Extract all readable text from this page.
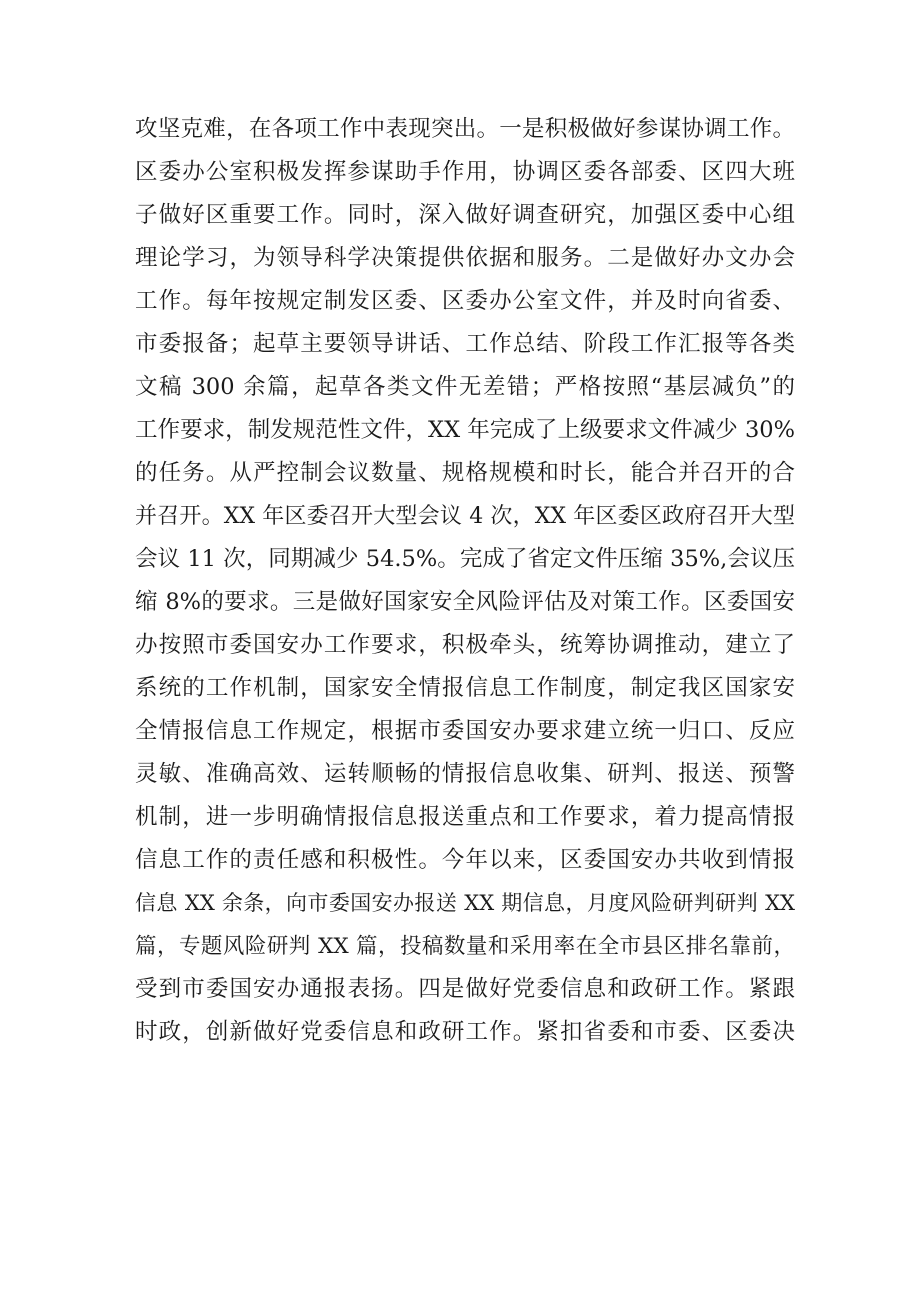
攻坚克难，在各项工作中表现突出。一是积极做好参谋协调工作。
区委办公室积极发挥参谋助手作用，协调区委各部委、区四大班
子做好区重要工作。同时，深入做好调查研究，加强区委中心组
理论学习，为领导科学决策提供依据和服务。二是做好办文办会
工作。每年按规定制发区委、区委办公室文件，并及时向省委、
市委报备；起草主要领导讲话、工作总结、阶段工作汇报等各类
文稿 300 余篇，起草各类文件无差错；严格按照“基层减负”的
工作要求，制发规范性文件，XX 年完成了上级要求文件减少 30%
的任务。从严控制会议数量、规格规模和时长，能合并召开的合
并召开。XX 年区委召开大型会议 4 次，XX 年区委区政府召开大型
会议 11 次，同期减少 54.5%。完成了省定文件压缩 35%,会议压
缩 8%的要求。三是做好国家安全风险评估及对策工作。区委国安
办按照市委国安办工作要求，积极牵头，统筹协调推动，建立了
系统的工作机制，国家安全情报信息工作制度，制定我区国家安
全情报信息工作规定，根据市委国安办要求建立统一归口、反应
灵敏、准确高效、运转顺畅的情报信息收集、研判、报送、预警
机制，进一步明确情报信息报送重点和工作要求，着力提高情报
信息工作的责任感和积极性。今年以来，区委国安办共收到情报
信息 XX 余条，向市委国安办报送 XX 期信息，月度风险研判研判 XX
篇，专题风险研判 XX 篇，投稿数量和采用率在全市县区排名靠前，
受到市委国安办通报表扬。四是做好党委信息和政研工作。紧跟
时政，创新做好党委信息和政研工作。紧扣省委和市委、区委决
